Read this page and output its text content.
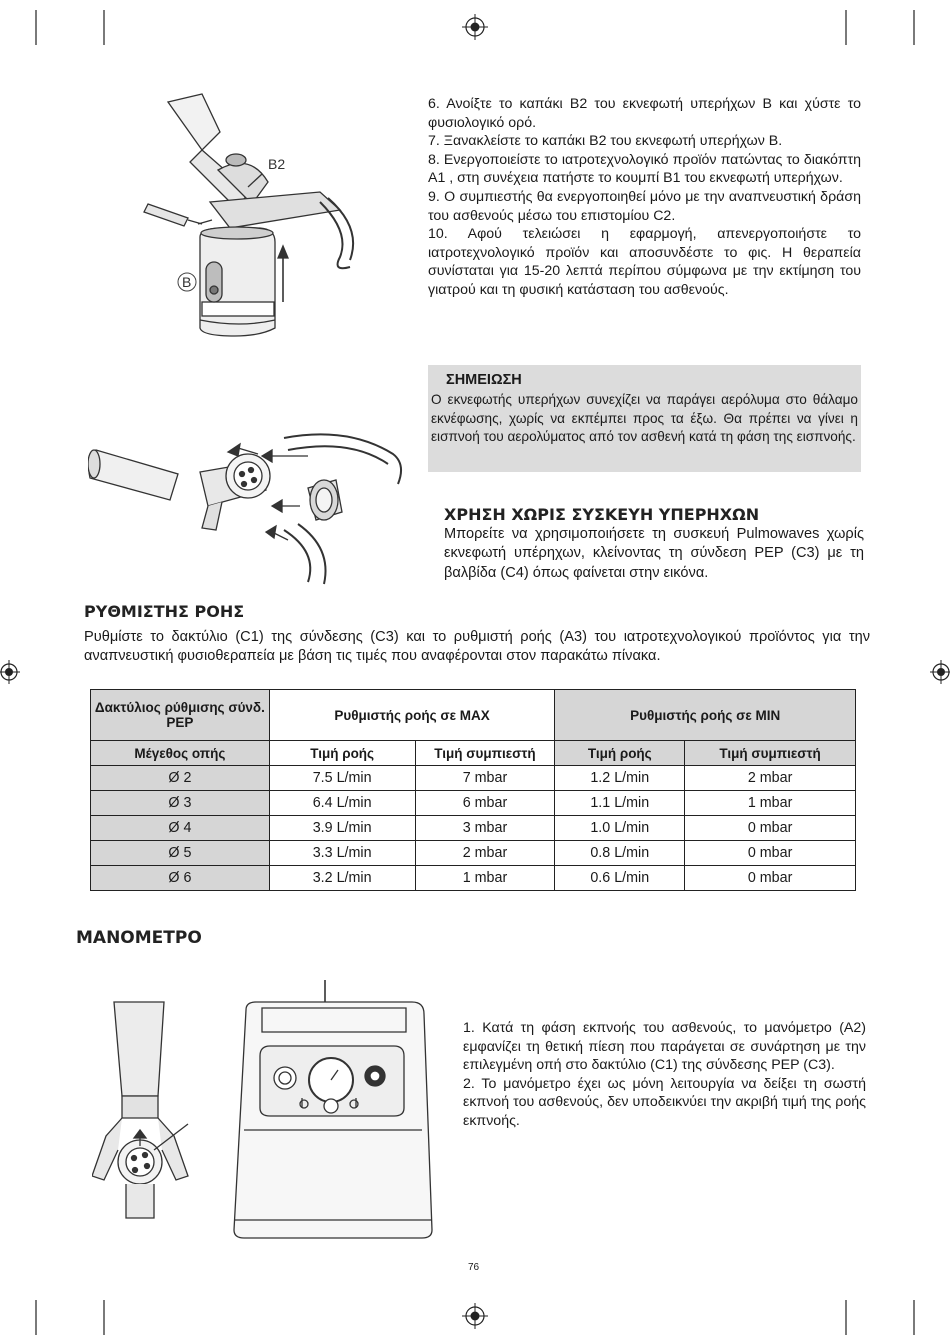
B2
B

6. Ανοίξτε το καπάκι B2 του εκνεφωτή υπερήχων B και χύστε το φυσιολογικό ορό.

7. Ξανακλείστε το καπάκι B2 του εκνεφωτή υπερήχων B.

8. Ενεργοποιείστε το ιατροτεχνολογικό προϊόν πατώντας το διακόπτη A1 , στη συνέχεια πατήστε το κουμπί B1 του εκνεφωτή υπερήχων.

9. Ο συμπιεστής θα ενεργοποιηθεί μόνο με την αναπνευστική δράση του ασθενούς μέσω του επιστομίου C2.

10. Αφού τελειώσει η εφαρμογή, απενεργοποιήστε το ιατροτεχνολογικό προϊόν και αποσυνδέστε το φις. Η θεραπεία συνίσταται για 15-20 λεπτά περίπου σύμφωνα με την εκτίμηση του γιατρού και τη φυσική κατάσταση του ασθενούς.

ΣΗΜΕΙΩΣΗ
Ο εκνεφωτής υπερήχων συνεχίζει να παράγει αερόλυμα στο θάλαμο εκνέφωσης, χωρίς να εκπέμπει προς τα έξω. Θα πρέπει να γίνει η εισπνοή του αερολύματος από τον ασθενή κατά τη φάση της εισπνοής.
ΧΡΗΣΗ ΧΩΡΙΣ ΣΥΣΚΕΥΗ ΥΠΕΡΗΧΩΝ
Μπορείτε να χρησιμοποιήσετε τη συσκευή Pulmowaves χωρίς εκνεφωτή υπέρηχων, κλείνοντας τη σύνδεση PEP (C3) με τη βαλβίδα (C4) όπως φαίνεται στην εικόνα.
ΡΥΘΜΙΣΤΗΣ ΡΟΗΣ
Ρυθμίστε το δακτύλιο (C1) της σύνδεσης (C3) και το ρυθμιστή ροής (A3) του ιατροτεχνολογικού προϊόντος για την αναπνευστική φυσιοθεραπεία με βάση τις τιμές που αναφέρονται στον παρακάτω πίνακα.
Δακτύλιος ρύθμισης σύνδ. PEP	Ρυθμιστής ροής σε MAX		Ρυθμιστής ροής σε MIN	
Μέγεθος οπής	Τιμή ροής	Τιμή συμπιεστή	Τιμή ροής	Τιμή συμπιεστή
Ø 2	7.5 L/min	7 mbar	1.2 L/min	2 mbar
Ø 3	6.4 L/min	6 mbar	1.1 L/min	1 mbar
Ø 4	3.9 L/min	3 mbar	1.0 L/min	0 mbar
Ø 5	3.3 L/min	2 mbar	0.8 L/min	0 mbar
Ø 6	3.2 L/min	1 mbar	0.6 L/min	0 mbar
ΜΑΝΟΜΕΤΡΟ
1. Κατά τη φάση εκπνοής του ασθενούς, το μανόμετρο (A2) εμφανίζει τη θετική πίεση που παράγεται σε συνάρτηση με την επιλεγμένη οπή στο δακτύλιο (C1) της σύνδεσης PEP (C3).
2. Το μανόμετρο έχει ως μόνη λειτουργία να δείξει τη σωστή εκπνοή του ασθενούς, δεν υποδεικνύει την ακριβή τιμή της ροής εκπνοής.
76
